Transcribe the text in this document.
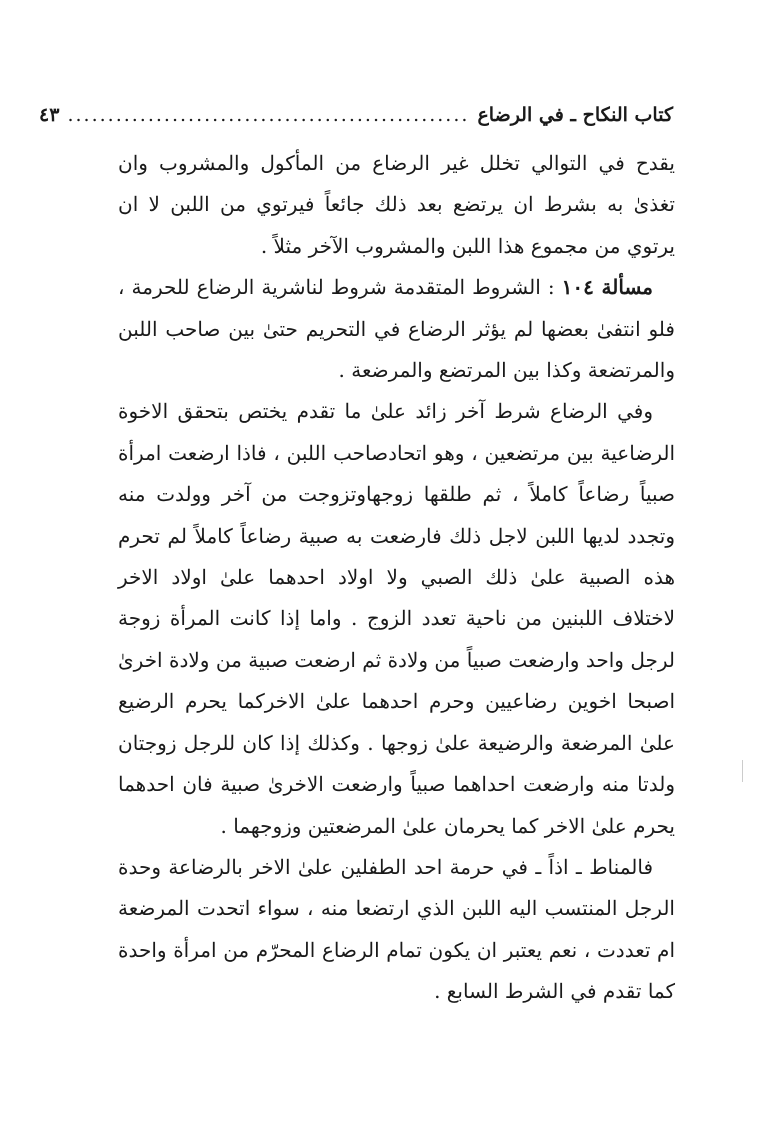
كتاب النكاح ـ في الرضاع
..................................................
٤٣

يقدح في التوالي تخلل غير الرضاع من المأكول والمشروب وان تغذىٰ به بشرط ان يرتضع بعد ذلك جائعاً فيرتوي من اللبن لا ان يرتوي من مجموع هذا اللبن والمشروب الآخر مثلاً .

مسألة ١٠٤ : الشروط المتقدمة شروط لناشرية الرضاع للحرمة ، فلو انتفىٰ بعضها لم يؤثر الرضاع في التحريم حتىٰ بين صاحب اللبن والمرتضعة وكذا بين المرتضع والمرضعة .

وفي الرضاع شرط آخر زائد علىٰ ما تقدم يختص بتحقق الاخوة الرضاعية بين مرتضعين ، وهو اتحادصاحب اللبن ، فاذا ارضعت امرأة صبياً رضاعاً كاملاً ، ثم طلقها زوجهاوتزوجت من آخر وولدت منه وتجدد لديها اللبن لاجل ذلك فارضعت به صبية رضاعاً كاملاً لم تحرم هذه الصبية علىٰ ذلك الصبي ولا اولاد احدهما علىٰ اولاد الاخر لاختلاف اللبنين من ناحية تعدد الزوج . واما إذا كانت المرأة زوجة لرجل واحد وارضعت صبياً من ولادة ثم ارضعت صبية من ولادة اخرىٰ اصبحا اخوين رضاعيين وحرم احدهما علىٰ الاخركما يحرم الرضيع علىٰ المرضعة والرضيعة علىٰ زوجها . وكذلك إذا كان للرجل زوجتان ولدتا منه وارضعت احداهما صبياً وارضعت الاخرىٰ صبية فان احدهما يحرم علىٰ الاخر كما يحرمان علىٰ المرضعتين وزوجهما .

فالمناط ـ اذاً ـ في حرمة احد الطفلين علىٰ الاخر بالرضاعة وحدة الرجل المنتسب اليه اللبن الذي ارتضعا منه ، سواء اتحدت المرضعة ام تعددت ، نعم يعتبر ان يكون تمام الرضاع المحرّم من امرأة واحدة كما تقدم في الشرط السابع .
